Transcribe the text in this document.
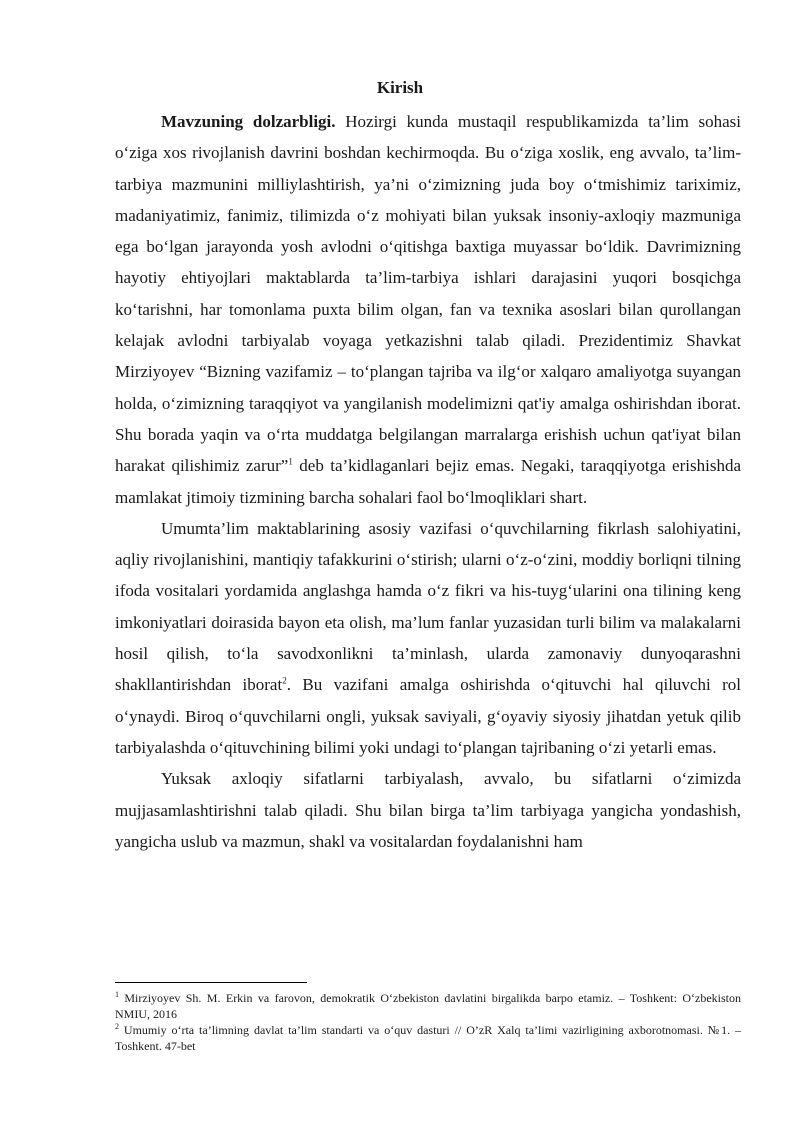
Kirish

Mavzuning dolzarbligi. Hozirgi kunda mustaqil respublikamizda ta’lim sohasi o‘ziga xos rivojlanish davrini boshdan kechirmoqda. Bu o‘ziga xoslik, eng avvalo, ta’lim-tarbiya mazmunini milliylashtirish, ya’ni o‘zimizning juda boy o‘tmishimiz tariximiz, madaniyatimiz, fanimiz, tilimizda o‘z mohiyati bilan yuksak insoniy-axloqiy mazmuniga ega bo‘lgan jarayonda yosh avlodni o‘qitishga baxtiga muyassar bo‘ldik. Davrimizning hayotiy ehtiyojlari maktablarda ta’lim-tarbiya ishlari darajasini yuqori bosqichga ko‘tarishni, har tomonlama puxta bilim olgan, fan va texnika asoslari bilan qurollangan kelajak avlodni tarbiyalab voyaga yetkazishni talab qiladi. Prezidentimiz Shavkat Mirziyoyev “Bizning vazifamiz – to‘plangan tajriba va ilg‘or xalqaro amaliyotga suyangan holda, o‘zimizning taraqqiyot va yangilanish modelimizni qat'iy amalga oshirishdan iborat. Shu borada yaqin va o‘rta muddatga belgilangan marralarga erishish uchun qat'iyat bilan harakat qilishimiz zarur”$^1$ deb ta’kidlaganlari bejiz emas. Negaki, taraqqiyotga erishishda mamlakat jtimoiy tizmining barcha sohalari faol bo‘lmoqliklari shart.

Umumta’lim maktablarining asosiy vazifasi o‘quvchilarning fikrlash salohiyatini, aqliy rivojlanishini, mantiqiy tafakkurini o‘stirish; ularni o‘z-o‘zini, moddiy borliqni tilning ifoda vositalari yordamida anglashga hamda o‘z fikri va his-tuyg‘ularini ona tilining keng imkoniyatlari doirasida bayon eta olish, ma’lum fanlar yuzasidan turli bilim va malakalarni hosil qilish, to‘la savodxonlikni ta’minlash, ularda zamonaviy dunyoqarashni shakllantirishdan iborat$^2$. Bu vazifani amalga oshirishda o‘qituvchi hal qiluvchi rol o‘ynaydi. Biroq o‘quvchilarni ongli, yuksak saviyali, g‘oyaviy siyosiy jihatdan yetuk qilib tarbiyalashda o‘qituvchining bilimi yoki undagi to‘plangan tajribaning o‘zi yetarli emas.

Yuksak axloqiy sifatlarni tarbiyalash, avvalo, bu sifatlarni o‘zimizda mujjasamlashtirishni talab qiladi. Shu bilan birga ta’lim tarbiyaga yangicha yondashish, yangicha uslub va mazmun, shakl va vositalardan foydalanishni ham

$^1$ Mirziyoyev Sh. M. Erkin va farovon, demokratik O‘zbekiston davlatini birgalikda barpo etamiz. – Toshkent: O‘zbekiston NMIU, 2016

$^2$ Umumiy o‘rta ta’limning davlat ta’lim standarti va o‘quv dasturi // O’zR Xalq ta’limi vazirligining axborotnomasi. №1. – Toshkent. 47-bet
